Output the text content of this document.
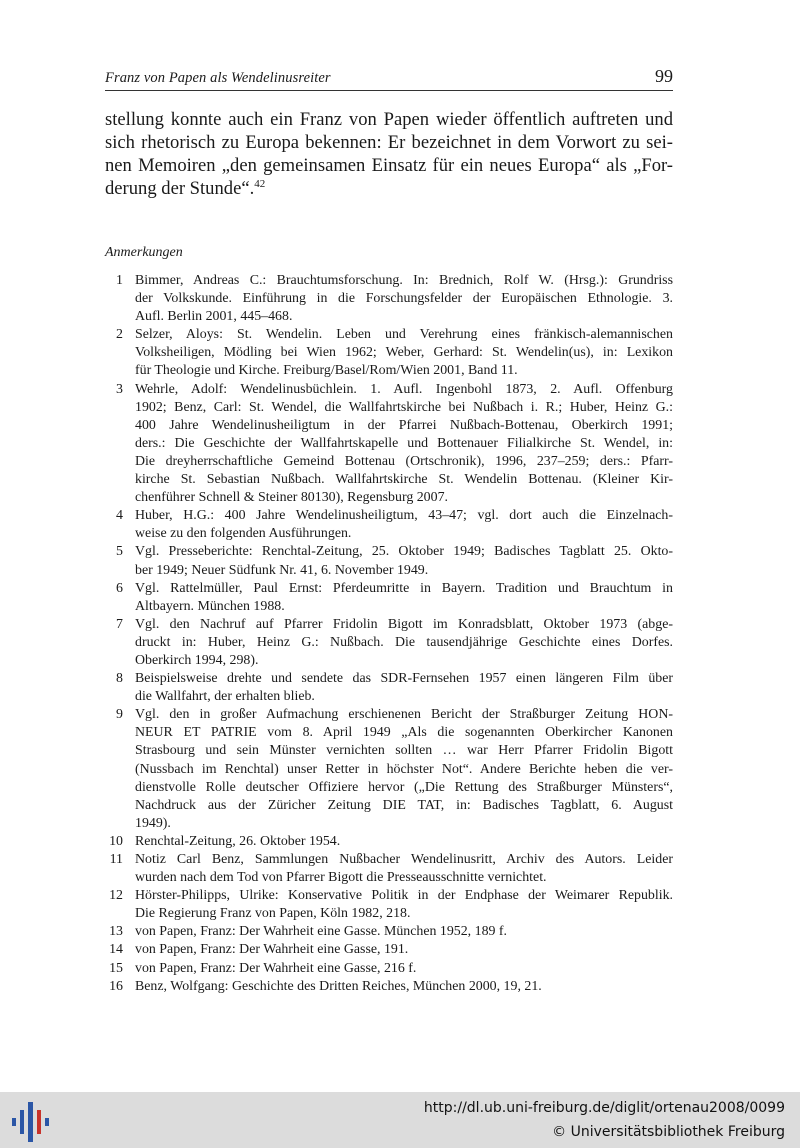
Franz von Papen als Wendelinusreiter	99
stellung konnte auch ein Franz von Papen wieder öffentlich auftreten und
sich rhetorisch zu Europa bekennen: Er bezeichnet in dem Vorwort zu sei-
nen Memoiren „den gemeinsamen Einsatz für ein neues Europa“ als „For-
derung der Stunde“.$^{42}$
Anmerkungen
1 Bimmer, Andreas C.: Brauchtumsforschung. In: Brednich, Rolf W. (Hrsg.): Grundriss
der Volkskunde. Einführung in die Forschungsfelder der Europäischen Ethnologie. 3.
Aufl. Berlin 2001, 445–468.
2 Selzer, Aloys: St. Wendelin. Leben und Verehrung eines fränkisch-alemannischen
Volksheiligen, Mödling bei Wien 1962; Weber, Gerhard: St. Wendelin(us), in: Lexikon
für Theologie und Kirche. Freiburg/Basel/Rom/Wien 2001, Band 11.
3 Wehrle, Adolf: Wendelinusbüchlein. 1. Aufl. Ingenbohl 1873, 2. Aufl. Offenburg
1902; Benz, Carl: St. Wendel, die Wallfahrtskirche bei Nußbach i. R.; Huber, Heinz G.:
400 Jahre Wendelinusheiligtum in der Pfarrei Nußbach-Bottenau, Oberkirch 1991;
ders.: Die Geschichte der Wallfahrtskapelle und Bottenauer Filialkirche St. Wendel, in:
Die dreyherrschaftliche Gemeind Bottenau (Ortschronik), 1996, 237–259; ders.: Pfarr-
kirche St. Sebastian Nußbach. Wallfahrtskirche St. Wendelin Bottenau. (Kleiner Kir-
chenführer Schnell & Steiner 80130), Regensburg 2007.
4 Huber, H.G.: 400 Jahre Wendelinusheiligtum, 43–47; vgl. dort auch die Einzelnach-
weise zu den folgenden Ausführungen.
5 Vgl. Presseberichte: Renchtal-Zeitung, 25. Oktober 1949; Badisches Tagblatt 25. Okto-
ber 1949; Neuer Südfunk Nr. 41, 6. November 1949.
6 Vgl. Rattelmüller, Paul Ernst: Pferdeumritte in Bayern. Tradition und Brauchtum in
Altbayern. München 1988.
7 Vgl. den Nachruf auf Pfarrer Fridolin Bigott im Konradsblatt, Oktober 1973 (abge-
druckt in: Huber, Heinz G.: Nußbach. Die tausendjährige Geschichte eines Dorfes.
Oberkirch 1994, 298).
8 Beispielsweise drehte und sendete das SDR-Fernsehen 1957 einen längeren Film über
die Wallfahrt, der erhalten blieb.
9 Vgl. den in großer Aufmachung erschienenen Bericht der Straßburger Zeitung HON-
NEUR ET PATRIE vom 8. April 1949 „Als die sogenannten Oberkircher Kanonen
Strasbourg und sein Münster vernichten sollten … war Herr Pfarrer Fridolin Bigott
(Nussbach im Renchtal) unser Retter in höchster Not“. Andere Berichte heben die ver-
dienstvolle Rolle deutscher Offiziere hervor („Die Rettung des Straßburger Münsters“,
Nachdruck aus der Züricher Zeitung DIE TAT, in: Badisches Tagblatt, 6. August
1949).
10 Renchtal-Zeitung, 26. Oktober 1954.
11 Notiz Carl Benz, Sammlungen Nußbacher Wendelinusritt, Archiv des Autors. Leider
wurden nach dem Tod von Pfarrer Bigott die Presseausschnitte vernichtet.
12 Hörster-Philipps, Ulrike: Konservative Politik in der Endphase der Weimarer Republik.
Die Regierung Franz von Papen, Köln 1982, 218.
13 von Papen, Franz: Der Wahrheit eine Gasse. München 1952, 189 f.
14 von Papen, Franz: Der Wahrheit eine Gasse, 191.
15 von Papen, Franz: Der Wahrheit eine Gasse, 216 f.
16 Benz, Wolfgang: Geschichte des Dritten Reiches, München 2000, 19, 21.
http://dl.ub.uni-freiburg.de/diglit/ortenau2008/0099
© Universitätsbibliothek Freiburg
